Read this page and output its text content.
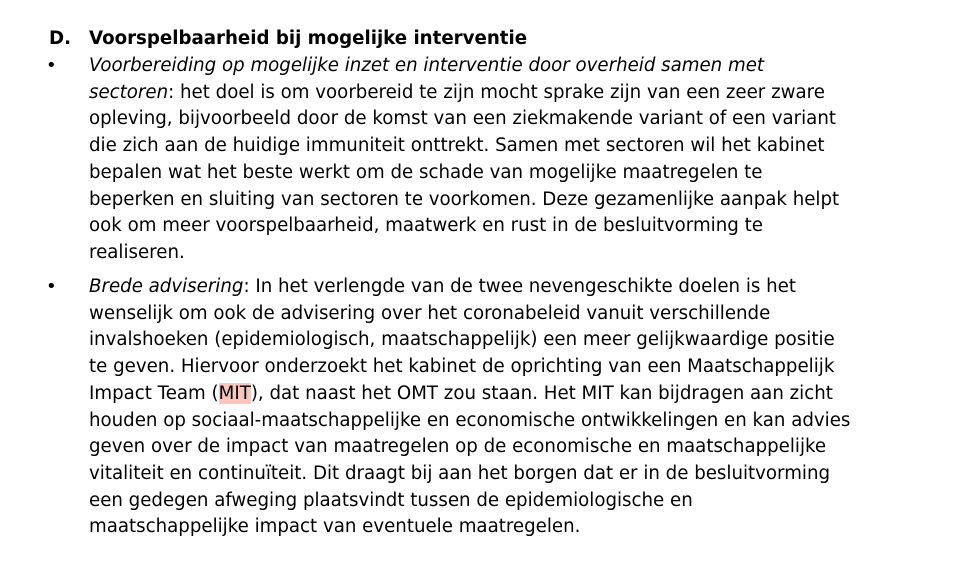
D. Voorspelbaarheid bij mogelijke interventie
• Voorbereiding op mogelijke inzet en interventie door overheid samen met
sectoren: het doel is om voorbereid te zijn mocht sprake zijn van een zeer zware
opleving, bijvoorbeeld door de komst van een ziekmakende variant of een variant
die zich aan de huidige immuniteit onttrekt. Samen met sectoren wil het kabinet
bepalen wat het beste werkt om de schade van mogelijke maatregelen te
beperken en sluiting van sectoren te voorkomen. Deze gezamenlijke aanpak helpt
ook om meer voorspelbaarheid, maatwerk en rust in de besluitvorming te
realiseren.

• Brede advisering: In het verlengde van de twee nevengeschikte doelen is het
wenselijk om ook de advisering over het coronabeleid vanuit verschillende
invalshoeken (epidemiologisch, maatschappelijk) een meer gelijkwaardige positie
te geven. Hiervoor onderzoekt het kabinet de oprichting van een Maatschappelijk
Impact Team (MIT), dat naast het OMT zou staan. Het MIT kan bijdragen aan zicht
houden op sociaal-maatschappelijke en economische ontwikkelingen en kan advies
geven over de impact van maatregelen op de economische en maatschappelijke
vitaliteit en continuïteit. Dit draagt bij aan het borgen dat er in de besluitvorming
een gedegen afweging plaatsvindt tussen de epidemiologische en
maatschappelijke impact van eventuele maatregelen.
